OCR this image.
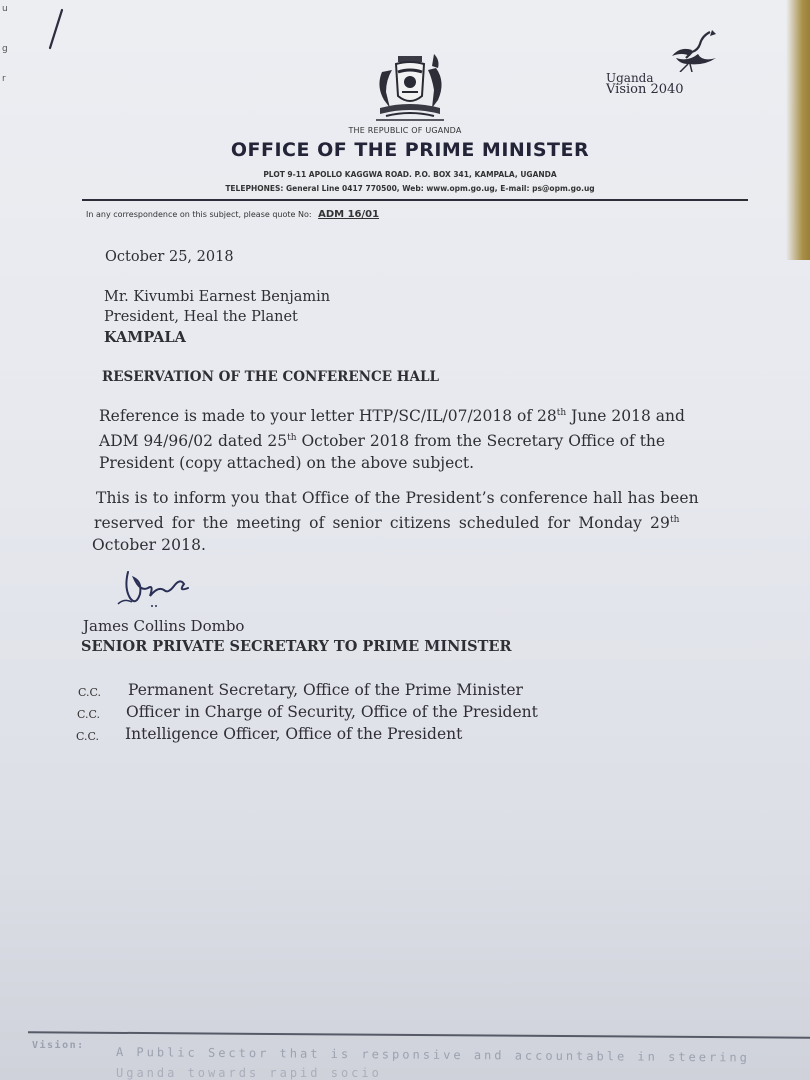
u
g
r	Uganda
Vision 2040
THE REPUBLIC OF UGANDA
OFFICE OF THE PRIME MINISTER
PLOT 9-11 APOLLO KAGGWA ROAD. P.O. BOX 341, KAMPALA, UGANDA
TELEPHONES: General Line 0417 770500, Web: www.opm.go.ug, E-mail: ps@opm.go.ug
In any correspondence on this subject, please quote No: ADM 16/01
October 25, 2018
Mr. Kivumbi Earnest Benjamin
President, Heal the Planet
KAMPALA
RESERVATION OF THE CONFERENCE HALL
Reference is made to your letter HTP/SC/IL/07/2018 of 28th June 2018 and
ADM 94/96/02 dated 25th October 2018 from the Secretary Office of the
President (copy attached) on the above subject.
This is to inform you that Office of the President’s conference hall has been
reserved for the meeting of senior citizens scheduled for Monday 29th
October 2018.
James Collins Dombo
SENIOR PRIVATE SECRETARY TO PRIME MINISTER
C.C. Permanent Secretary, Office of the Prime Minister
C.C. Officer in Charge of Security, Office of the President
C.C. Intelligence Officer, Office of the President
Vision:	A Public Sector that is responsive and accountable in steering
Uganda towards rapid socio
